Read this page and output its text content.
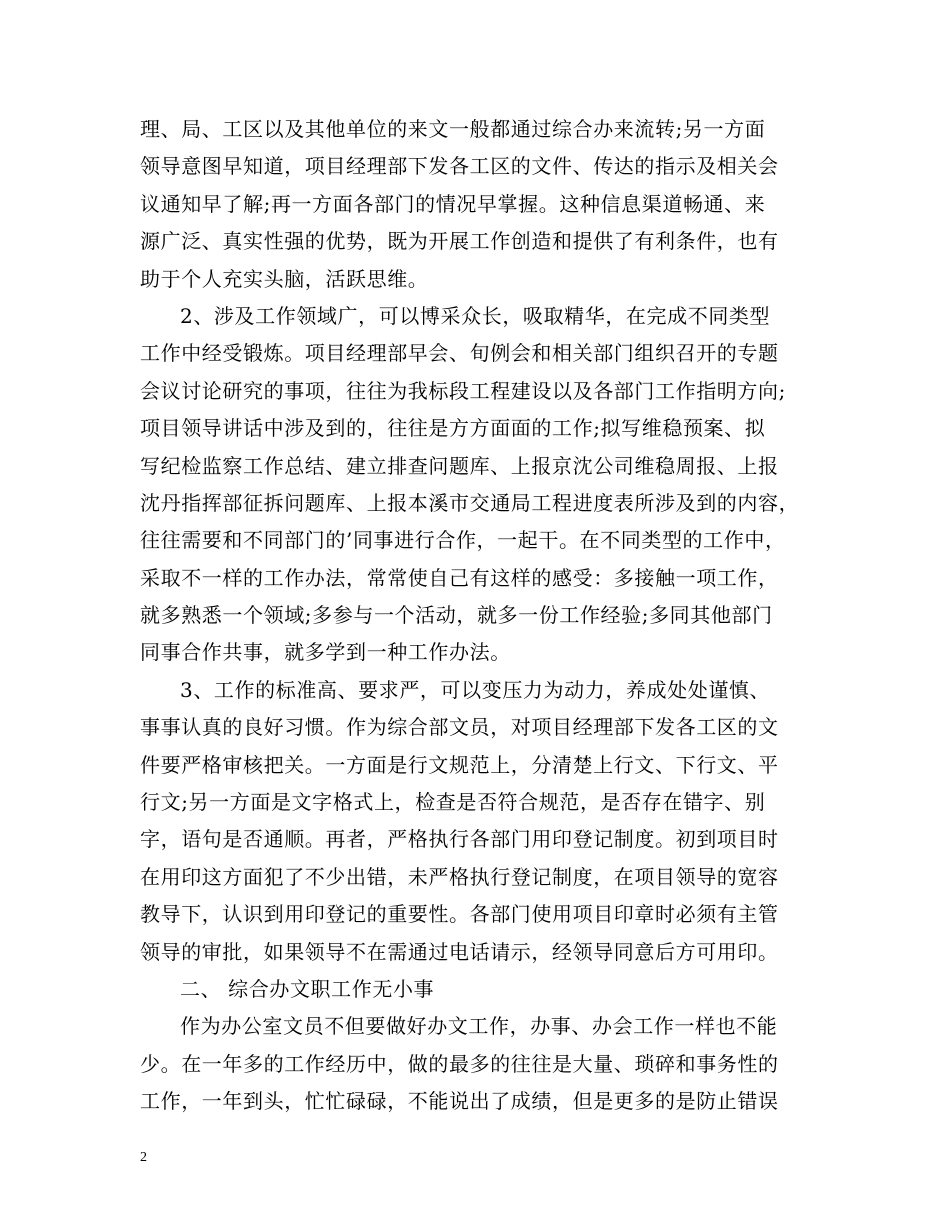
理、局、工区以及其他单位的来文一般都通过综合办来流转;另一方面
领导意图早知道，项目经理部下发各工区的文件、传达的指示及相关会
议通知早了解;再一方面各部门的情况早掌握。这种信息渠道畅通、来
源广泛、真实性强的优势，既为开展工作创造和提供了有利条件，也有
助于个人充实头脑，活跃思维。
2、涉及工作领域广，可以博采众长，吸取精华，在完成不同类型
工作中经受锻炼。项目经理部早会、旬例会和相关部门组织召开的专题
会议讨论研究的事项，往往为我标段工程建设以及各部门工作指明方向;
项目领导讲话中涉及到的，往往是方方面面的工作;拟写维稳预案、拟
写纪检监察工作总结、建立排查问题库、上报京沈公司维稳周报、上报
沈丹指挥部征拆问题库、上报本溪市交通局工程进度表所涉及到的内容，
往往需要和不同部门的’同事进行合作，一起干。在不同类型的工作中，
采取不一样的工作办法，常常使自己有这样的感受：多接触一项工作，
就多熟悉一个领域;多参与一个活动，就多一份工作经验;多同其他部门
同事合作共事，就多学到一种工作办法。
3、工作的标准高、要求严，可以变压力为动力，养成处处谨慎、
事事认真的良好习惯。作为综合部文员，对项目经理部下发各工区的文
件要严格审核把关。一方面是行文规范上，分清楚上行文、下行文、平
行文;另一方面是文字格式上，检查是否符合规范，是否存在错字、别
字，语句是否通顺。再者，严格执行各部门用印登记制度。初到项目时
在用印这方面犯了不少出错，未严格执行登记制度，在项目领导的宽容
教导下，认识到用印登记的重要性。各部门使用项目印章时必须有主管
领导的审批，如果领导不在需通过电话请示，经领导同意后方可用印。
二、 综合办文职工作无小事
作为办公室文员不但要做好办文工作，办事、办会工作一样也不能
少。在一年多的工作经历中，做的最多的往往是大量、琐碎和事务性的
工作，一年到头，忙忙碌碌，不能说出了成绩，但是更多的是防止错误
2
